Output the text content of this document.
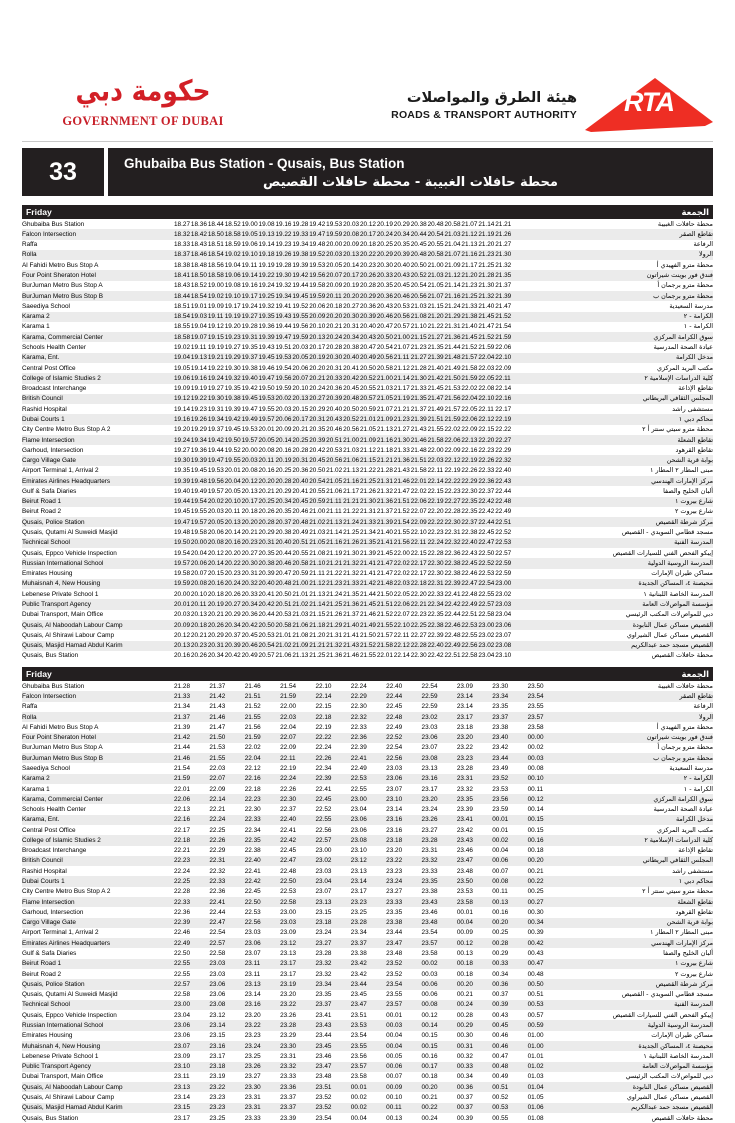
حكومة دبي
GOVERNMENT OF DUBAI
هيئة الطرق والمواصلات
ROADS & TRANSPORT AUTHORITY RTA
33	Ghubaiba Bus Station - Qusais, Bus Station
محطة حافلات الغبيبة - محطة حافلات القصيص
Friday	الجمعة
Ghubaiba Bus Station	18.27 18.36 18.44 18.52 19.00 19.08 19.16 19.28 19.42 19.53 20.03 20.12 20.19 20.29 20.38 20.48 20.58 21.07 21.14 21.21	محطة حافلات الغبيبة
Falcon Intersection	18.32 18.42 18.50 18.58 19.05 19.13 19.22 19.33 19.47 19.59 20.08 20.17 20.24 20.34 20.44 20.54 21.03 21.12 21.19 21.26	تقاطع الصقر
Raffa	18.33 18.43 18.51 18.59 19.06 19.14 19.23 19.34 19.48 20.00 20.09 20.18 20.25 20.35 20.45 20.55 21.04 21.13 21.20 21.27	الرفاعة
Rolla	18.37 18.46 18.54 19.02 19.10 19.18 19.26 19.38 19.52 20.03 20.13 20.22 20.29 20.39 20.48 20.58 21.07 21.16 21.23 21.30	الروﻻ
Al Fahidi Metro Bus Stop A	18.38 18.48 18.56 19.04 19.11 19.19 19.28 19.39 19.53 20.05 20.14 20.23 20.30 20.40 20.50 21.00 21.09 21.17 21.25 21.32	محطة مترو الفهيدي أ
Four Point Sheraton Hotel	18.41 18.50 18.58 19.06 19.14 19.22 19.30 19.42 19.56 20.07 20.17 20.26 20.33 20.43 20.52 21.03 21.12 21.20 21.28 21.35	فندق فور بوينت شيراتون
BurJuman Metro Bus Stop A	18.43 18.52 19.00 19.08 19.16 19.24 19.32 19.44 19.58 20.09 20.19 20.28 20.35 20.45 20.54 21.05 21.14 21.23 21.30 21.37	محطة مترو برجمان أ
BurJuman Metro Bus Stop B	18.44 18.54 19.02 19.10 19.17 19.25 19.34 19.45 19.59 20.11 20.20 20.29 20.36 20.46 20.56 21.07 21.16 21.25 21.32 21.39	محطة مترو برجمان ب
Saeediya School	18.51 19.01 19.09 19.17 19.24 19.32 19.41 19.52 20.06 20.18 20.27 20.36 20.43 20.53 21.03 21.15 21.24 21.33 21.40 21.47	مدرسة السعيدية
Karama 2	18.54 19.03 19.11 19.19 19.27 19.35 19.43 19.55 20.09 20.20 20.30 20.39 20.46 20.56 21.08 21.20 21.29 21.38 21.45 21.52	الكرامة - ٢
Karama 1	18.55 19.04 19.12 19.20 19.28 19.36 19.44 19.56 20.10 20.21 20.31 20.40 20.47 20.57 21.10 21.22 21.31 21.40 21.47 21.54	الكرامة - ١
Karama, Commercial Center	18.58 19.07 19.15 19.23 19.31 19.39 19.47 19.59 20.13 20.24 20.34 20.43 20.50 21.00 21.15 21.27 21.36 21.45 21.52 21.59	سوق الكرامة المركزي
Schools Health Center	19.02 19.11 19.19 19.27 19.35 19.43 19.51 20.03 20.17 20.28 20.38 20.47 20.54 21.07 21.23 21.35 21.44 21.52 21.59 22.06	عيادة الصحة المدرسية
Karama, Ent.	19.04 19.13 19.21 19.29 19.37 19.45 19.53 20.05 20.19 20.30 20.40 20.49 20.56 21.11 21.27 21.39 21.48 21.57 22.04 22.10	مدخل الكرامة
Central Post Office	19.05 19.14 19.22 19.30 19.38 19.46 19.54 20.06 20.20 20.31 20.41 20.50 20.58 21.12 21.28 21.40 21.49 21.58 22.03 22.09	مكتب البريد المركزي
College of Islamic Studies 2	19.06 19.16 19.24 19.32 19.40 19.47 19.56 20.07 20.21 20.33 20.42 20.52 21.00 21.14 21.30 21.42 21.50 21.59 22.05 22.11	كلية الدراسات الإسلامية ٢
Broadcast Interchange	19.09 19.19 19.27 19.35 19.42 19.50 19.59 20.10 20.24 20.36 20.45 20.55 21.03 21.17 21.33 21.45 21.53 22.02 22.08 22.14	تقاطع الإذاعة
British Council	19.12 19.22 19.30 19.38 19.45 19.53 20.02 20.13 20.27 20.39 20.48 20.57 21.05 21.19 21.35 21.47 21.56 22.04 22.10 22.16	المجلس الثقافي البريطاني
Rashid Hospital	19.14 19.23 19.31 19.39 19.47 19.55 20.03 20.15 20.29 20.40 20.50 20.59 21.07 21.21 21.37 21.49 21.57 22.05 22.11 22.17	مستشفى راشد
Dubai Courts 1	19.16 19.26 19.34 19.42 19.49 19.57 20.06 20.17 20.31 20.43 20.52 21.01 21.09 21.23 21.39 21.51 21.59 22.06 22.12 22.19	محاكم دبي ١
City Centre Metro Bus Stop A 2	19.20 19.29 19.37 19.45 19.53 20.01 20.09 20.21 20.35 20.46 20.56 21.05 21.13 21.27 21.43 21.55 22.02 22.09 22.15 22.22	محطة مترو سيتي سنتر أ ٢
Flame Intersection	19.24 19.34 19.42 19.50 19.57 20.05 20.14 20.25 20.39 20.51 21.00 21.09 21.16 21.30 21.46 21.58 22.06 22.13 22.20 22.27	تقاطع الشعلة
Garhoud, Intersection	19.27 19.36 19.44 19.52 20.00 20.08 20.16 20.28 20.42 20.53 21.03 21.12 21.18 21.33 21.48 22.00 22.09 22.16 22.23 22.29	تقاطع القرهود
Cargo Village Gate	19.30 19.39 19.47 19.55 20.03 20.11 20.19 20.31 20.45 20.56 21.06 21.15 21.21 21.36 21.51 22.03 22.12 22.19 22.26 22.32	بوابة قرية الشحن
Airport Terminal 1, Arrival 2	19.35 19.45 19.53 20.01 20.08 20.16 20.25 20.36 20.50 21.02 21.13 21.22 21.28 21.43 21.58 22.11 22.19 22.26 22.33 22.40	مبنى المطار ٢ المطار ١
Emirates Airlines Headquarters	19.39 19.48 19.56 20.04 20.12 20.20 20.28 20.40 20.54 21.05 21.16 21.25 21.31 21.46 22.01 22.14 22.22 22.29 22.36 22.43	مركز الإمارات الهندسي
Gulf & Safa Diaries	19.40 19.49 19.57 20.05 20.13 20.21 20.29 20.41 20.55 21.06 21.17 21.26 21.32 21.47 22.02 22.15 22.23 22.30 22.37 22.44	ألبان الخليج والصفا
Beirut Road 1	19.44 19.54 20.02 20.10 20.17 20.25 20.34 20.45 20.59 21.11 21.21 21.30 21.36 21.51 22.06 22.19 22.27 22.35 22.42 22.48	شارع بيروت ١
Beirut Road 2	19.45 19.55 20.03 20.11 20.18 20.26 20.35 20.46 21.00 21.11 21.22 21.31 21.37 21.52 22.07 22.20 22.28 22.35 22.42 22.49	شارع بيروت ٢
Qusais, Police Station	19.47 19.57 20.05 20.13 20.20 20.28 20.37 20.48 21.02 21.13 21.24 21.33 21.39 21.54 22.09 22.22 22.30 22.37 22.44 22.51	مركز شرطة القصيص
Qusais, Qutami Al Suweidi Masjid	19.48 19.58 20.06 20.14 20.21 20.29 20.38 20.49 21.03 21.14 21.25 21.34 21.40 21.55 22.10 22.23 22.31 22.38 22.45 22.52	مسجد قطامي السويدي - القصيص
Technical School	19.50 20.00 20.08 20.16 20.23 20.31 20.40 20.51 21.05 21.16 21.26 21.35 21.41 21.56 22.11 22.24 22.32 22.40 22.47 22.53	المدرسة الفنية
Qusais, Eppco Vehicle Inspection	19.54 20.04 20.12 20.20 20.27 20.35 20.44 20.55 21.08 21.19 21.30 21.39 21.45 22.00 22.15 22.28 22.36 22.43 22.50 22.57	إيبكو الفحص الفني للسيارات القصيص
Russian International School	19.57 20.06 20.14 20.22 20.30 20.38 20.46 20.58 21.10 21.21 21.32 21.41 21.47 22.02 22.17 22.30 22.38 22.45 22.52 22.59	المدرسة الروسية الدولية
Emirates Housing	19.58 20.07 20.15 20.23 20.31 20.39 20.47 20.59 21.11 21.22 21.32 21.41 21.47 22.02 22.17 22.30 22.38 22.46 22.53 22.59	مساكن طيران اﻹمارات
Muhaisnah 4, New Housing	19.59 20.08 20.16 20.24 20.32 20.40 20.48 21.00 21.12 21.23 21.33 21.42 21.48 22.03 22.18 22.31 22.39 22.47 22.54 23.00	محيصنة ٤، المساكن الجديدة
Lebenese Private School 1	20.00 20.10 20.18 20.26 20.33 20.41 20.50 21.01 21.13 21.24 21.35 21.44 21.50 22.05 22.20 22.33 22.41 22.48 22.55 23.02	المدرسة الخاصة اللبنانية ١
Public Transport Agency	20.01 20.11 20.19 20.27 20.34 20.42 20.51 21.02 21.14 21.25 21.36 21.45 21.51 22.06 22.21 22.34 22.42 22.49 22.57 23.03	مؤسسة المواصﻻت العامة
Dubai Transport, Main Office	20.03 20.13 20.21 20.29 20.36 20.44 20.53 21.03 21.15 21.26 21.37 21.46 21.52 22.07 22.23 22.35 22.44 22.51 22.58 23.04	دبي للمواصﻻت المكتب الرئيسي
Qusais, Al Naboodah Labour Camp	20.09 20.18 20.26 20.34 20.42 20.50 20.58 21.06 21.18 21.29 21.40 21.49 21.55 22.10 22.25 22.38 22.46 22.53 23.00 23.06	القصيص مساكن عمال النابودة
Qusais, Al Shirawi Labour Camp	20.12 20.21 20.29 20.37 20.45 20.53 21.01 21.08 21.20 21.31 21.41 21.50 21.57 22.11 22.27 22.39 22.48 22.55 23.02 23.07	القصيص مساكن عمال الشيراوي
Qusais, Masjid Hamad Abdul Karim	20.13 20.23 20.31 20.39 20.46 20.54 21.02 21.09 21.21 21.32 21.43 21.52 21.58 22.12 22.28 22.40 22.49 22.56 23.02 23.08	القصيص مسجد حمد عبدالكريم
Qusais, Bus Station	20.16 20.26 20.34 20.42 20.49 20.57 21.06 21.13 21.25 21.36 21.46 21.55 22.01 22.14 22.30 22.42 22.51 22.58 23.04 23.10	محطة حافلات القصيص
Friday	الجمعة
Ghubaiba Bus Station	21.28	21.37	21.46	21.54	22.10	22.24	22.40	22.54	23.09	23.30	23.50	محطة حافلات الغبيبة
Falcon Intersection	21.33	21.42	21.51	21.59	22.14	22.29	22.44	22.59	23.14	23.34	23.54	تقاطع الصقر
Raffa	21.34	21.43	21.52	22.00	22.15	22.30	22.45	22.59	23.14	23.35	23.55	الرفاعة
Rolla	21.37	21.46	21.55	22.03	22.18	22.32	22.48	23.02	23.17	23.37	23.57	الروﻻ
Al Fahidi Metro Bus Stop A	21.39	21.47	21.56	22.04	22.19	22.33	22.49	23.03	23.18	23.38	23.58	محطة مترو الفهيدي أ
Four Point Sheraton Hotel	21.42	21.50	21.59	22.07	22.22	22.36	22.52	23.06	23.20	23.40	00.00	فندق فور بوينت شيراتون
BurJuman Metro Bus Stop A	21.44	21.53	22.02	22.09	22.24	22.39	22.54	23.07	23.22	23.42	00.02	محطة مترو برجمان أ
BurJuman Metro Bus Stop B	21.46	21.55	22.04	22.11	22.26	22.41	22.56	23.08	23.23	23.44	00.03	محطة مترو برجمان ب
Saeediya School	21.54	22.03	22.12	22.19	22.34	22.49	23.03	23.13	23.28	23.49	00.08	مدرسة السعيدية
Karama 2	21.59	22.07	22.16	22.24	22.39	22.53	23.06	23.16	23.31	23.52	00.10	الكرامة - ٢
Karama 1	22.01	22.09	22.18	22.26	22.41	22.55	23.07	23.17	23.32	23.53	00.11	الكرامة - ١
Karama, Commercial Center	22.06	22.14	22.23	22.30	22.45	23.00	23.10	23.20	23.35	23.56	00.12	سوق الكرامة المركزي
Schools Health Center	22.13	22.21	22.30	22.37	22.52	23.04	23.14	23.24	23.39	23.59	00.14	عيادة الصحة المدرسية
Karama, Ent.	22.16	22.24	22.33	22.40	22.55	23.06	23.16	23.26	23.41	00.01	00.15	مدخل الكرامة
Central Post Office	22.17	22.25	22.34	22.41	22.56	23.06	23.16	23.27	23.42	00.01	00.15	مكتب البريد المركزي
College of Islamic Studies 2	22.18	22.26	22.35	22.42	22.57	23.08	23.18	23.28	23.43	00.02	00.16	كلية الدراسات الإسلامية ٢
Broadcast Interchange	22.21	22.29	22.38	22.45	23.00	23.10	23.20	23.31	23.46	00.04	00.18	تقاطع الإذاعة
British Council	22.23	22.31	22.40	22.47	23.02	23.12	23.22	23.32	23.47	00.06	00.20	المجلس الثقافي البريطاني
Rashid Hospital	22.24	22.32	22.41	22.48	23.03	23.13	23.23	23.33	23.48	00.07	00.21	مستشفى راشد
Dubai Courts 1	22.25	22.33	22.42	22.50	23.04	23.14	23.24	23.35	23.50	00.08	00.22	محاكم دبي ١
City Centre Metro Bus Stop A 2	22.28	22.36	22.45	22.53	23.07	23.17	23.27	23.38	23.53	00.11	00.25	محطة مترو سيتي سنتر أ ٢
Flame Intersection	22.33	22.41	22.50	22.58	23.13	23.23	23.33	23.43	23.58	00.13	00.27	تقاطع الشعلة
Garhoud, Intersection	22.36	22.44	22.53	23.00	23.15	23.25	23.35	23.46	00.01	00.16	00.30	تقاطع القرهود
Cargo Village Gate	22.39	22.47	22.56	23.03	23.18	23.28	23.38	23.48	00.04	00.20	00.34	بوابة قرية الشحن
Airport Terminal 1, Arrival 2	22.46	22.54	23.03	23.09	23.24	23.34	23.44	23.54	00.09	00.25	00.39	مبنى المطار ٢ المطار ١
Emirates Airlines Headquarters	22.49	22.57	23.06	23.12	23.27	23.37	23.47	23.57	00.12	00.28	00.42	مركز الإمارات الهندسي
Gulf & Safa Diaries	22.50	22.58	23.07	23.13	23.28	23.38	23.48	23.58	00.13	00.29	00.43	ألبان الخليج والصفا
Beirut Road 1	22.55	23.03	23.11	23.17	23.32	23.42	23.52	00.02	00.18	00.33	00.47	شارع بيروت ١
Beirut Road 2	22.55	23.03	23.11	23.17	23.32	23.42	23.52	00.03	00.18	00.34	00.48	شارع بيروت ٢
Qusais, Police Station	22.57	23.06	23.13	23.19	23.34	23.44	23.54	00.06	00.20	00.36	00.50	مركز شرطة القصيص
Qusais, Qutami Al Suweidi Masjid	22.58	23.06	23.14	23.20	23.35	23.45	23.55	00.06	00.21	00.37	00.51	مسجد قطامي السويدي - القصيص
Technical School	23.00	23.08	23.16	23.22	23.37	23.47	23.57	00.08	00.24	00.39	00.53	المدرسة الفنية
Qusais, Eppco Vehicle Inspection	23.04	23.12	23.20	23.26	23.41	23.51	00.01	00.12	00.28	00.43	00.57	إيبكو الفحص الفني للسيارات القصيص
Russian International School	23.06	23.14	23.22	23.28	23.43	23.53	00.03	00.14	00.29	00.45	00.59	المدرسة الروسية الدولية
Emirates Housing	23.06	23.15	23.23	23.29	23.44	23.54	00.04	00.15	00.30	00.46	01.00	مساكن طيران اﻹمارات
Muhaisnah 4, New Housing	23.07	23.16	23.24	23.30	23.45	23.55	00.04	00.15	00.31	00.46	01.00	محيصنة ٤، المساكن الجديدة
Lebenese Private School 1	23.09	23.17	23.25	23.31	23.46	23.56	00.05	00.16	00.32	00.47	01.01	المدرسة الخاصة اللبنانية ١
Public Transport Agency	23.10	23.18	23.26	23.32	23.47	23.57	00.06	00.17	00.33	00.48	01.02	مؤسسة المواصﻻت العامة
Dubai Transport, Main Office	23.11	23.19	23.27	23.33	23.48	23.58	00.07	00.18	00.34	00.49	01.03	دبي للمواصﻻت المكتب الرئيسي
Qusais, Al Naboodah Labour Camp	23.13	23.22	23.30	23.36	23.51	00.01	00.09	00.20	00.36	00.51	01.04	القصيص مساكن عمال النابودة
Qusais, Al Shirawi Labour Camp	23.14	23.23	23.31	23.37	23.52	00.02	00.10	00.21	00.37	00.52	01.05	القصيص مساكن عمال الشيراوي
Qusais, Masjid Hamad Abdul Karim	23.15	23.23	23.31	23.37	23.52	00.02	00.11	00.22	00.37	00.53	01.06	القصيص مسجد حمد عبدالكريم
Qusais, Bus Station	23.17	23.25	23.33	23.39	23.54	00.04	00.13	00.24	00.39	00.55	01.08	محطة حافلات القصيص
